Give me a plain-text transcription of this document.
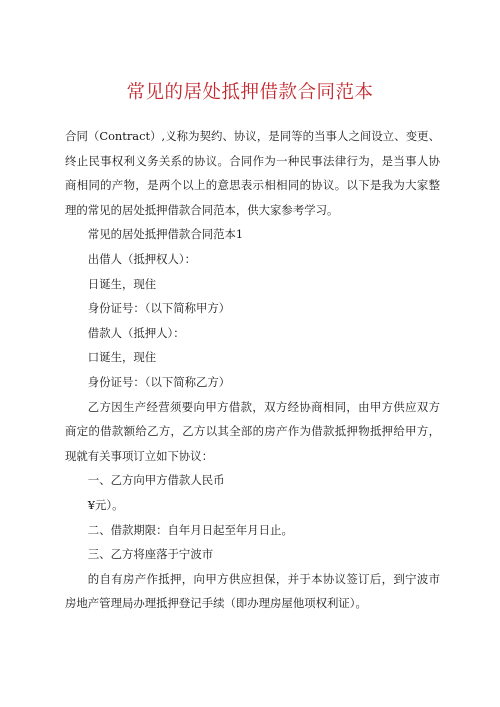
常见的居处抵押借款合同范本

合同（Contract）,义称为契约、协议，是同等的当事人之间设立、变更、终止民事权利义务关系的协议。合同作为一种民事法律行为，是当事人协商相同的产物，是两个以上的意思表示相相同的协议。以下是我为大家整理的常见的居处抵押借款合同范本，供大家参考学习。

常见的居处抵押借款合同范本1

出借人（抵押权人）：

日诞生，现住

身份证号：（以下简称甲方）

借款人（抵押人）：

口诞生，现住

身份证号：（以下简称乙方）

乙方因生产经营须要向甲方借款，双方经协商相同，由甲方供应双方商定的借款额给乙方，乙方以其全部的房产作为借款抵押物抵押给甲方，现就有关事项订立如下协议：

一、乙方向甲方借款人民币

¥元）。

二、借款期限：自年月日起至年月日止。

三、乙方将座落于宁波市

的自有房产作抵押，向甲方供应担保，并于本协议签订后，到宁波市房地产管理局办理抵押登记手续（即办理房屋他项权利证）。
